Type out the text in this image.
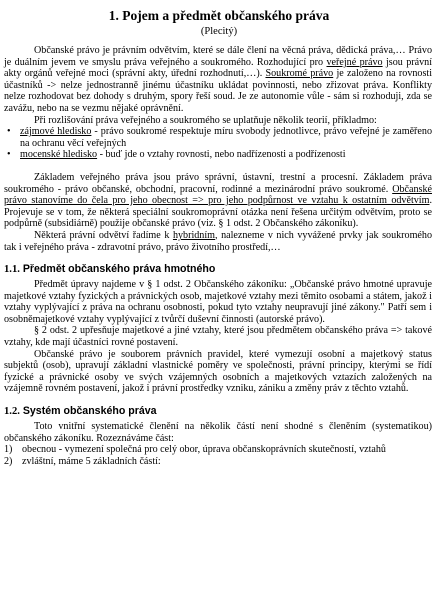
1. Pojem a předmět občanského práva
(Plecitý)

Občanské právo je právním odvětvím, které se dále člení na věcná práva, dědická práva,… Právo je duálním jevem ve smyslu práva veřejného a soukromého. Rozhodující pro veřejné právo jsou právní akty orgánů veřejné moci (správní akty, úřední rozhodnutí,…). Soukromé právo je založeno na rovnosti účastníků -> nelze jednostranně jinému účastníku ukládat povinnosti, nebo zřizovat práva. Konflikty nelze rozhodovat bez dohody s druhým, spory řeší soud. Je ze autonomie vůle - sám si rozhoduji, zda se zavážu, nebo na se vezmu nějaké oprávnění.

Při rozlišování práva veřejného a soukromého se uplatňuje několik teorií, příkladmo:

• zájmové hledisko - právo soukromé respektuje míru svobody jednotlivce, právo veřejné je zaměřeno na ochranu věcí veřejných
• mocenské hledisko - buď jde o vztahy rovnosti, nebo nadřízenosti a podřízenosti

Základem veřejného práva jsou právo správní, ústavní, trestní a procesní. Základem práva soukromého - právo občanské, obchodní, pracovní, rodinné a mezinárodní právo soukromé. Občanské právo stanovíme do čela pro jeho obecnost => pro jeho podpůrnost ve vztahu k ostatním odvětvím. Projevuje se v tom, že některá speciální soukromoprávní otázka není řešena určitým odvětvím, proto se podpůrně (subsidiárně) použije občanské právo (viz. § 1 odst. 2 Občanského zákoníku).

Některá právní odvětví řadíme k hybridním, nalezneme v nich vyvážené prvky jak soukromého tak i veřejného práva - zdravotní právo, právo životního prostředí,…

1.1. Předmět občanského práva hmotného

Předmět úpravy najdeme v § 1 odst. 2 Občanského zákoníku: „Občanské právo hmotné upravuje majetkové vztahy fyzických a právnických osob, majetkové vztahy mezi těmito osobami a státem, jakož i vztahy vyplývající z práva na ochranu osobnosti, pokud tyto vztahy neupravují jiné zákony." Patří sem i osobněmajetkové vztahy vyplývající z tvůrčí duševní činnosti (autorské právo).

§ 2 odst. 2 upřesňuje majetkové a jiné vztahy, které jsou předmětem občanského práva => takové vztahy, kde mají účastníci rovné postavení.

Občanské právo je souborem právních pravidel, které vymezují osobní a majetkový status subjektů (osob), upravují základní vlastnické poměry ve společnosti, právní principy, kterými se řídí fyzické a právnické osoby ve svých vzájemných osobních a majetkových vztazích založených na vzájemně rovném postavení, jakož i právní prostředky vzniku, zániku a změny práv z těchto vztahů.

1.2. Systém občanského práva

Toto vnitřní systematické členění na několik částí není shodné s členěním (systematikou) občanského zákoníku. Rozeznáváme část:

1) obecnou - vymezení společná pro celý obor, úprava občanskoprávních skutečností, vztahů
2) zvláštní, máme 5 základních částí:
